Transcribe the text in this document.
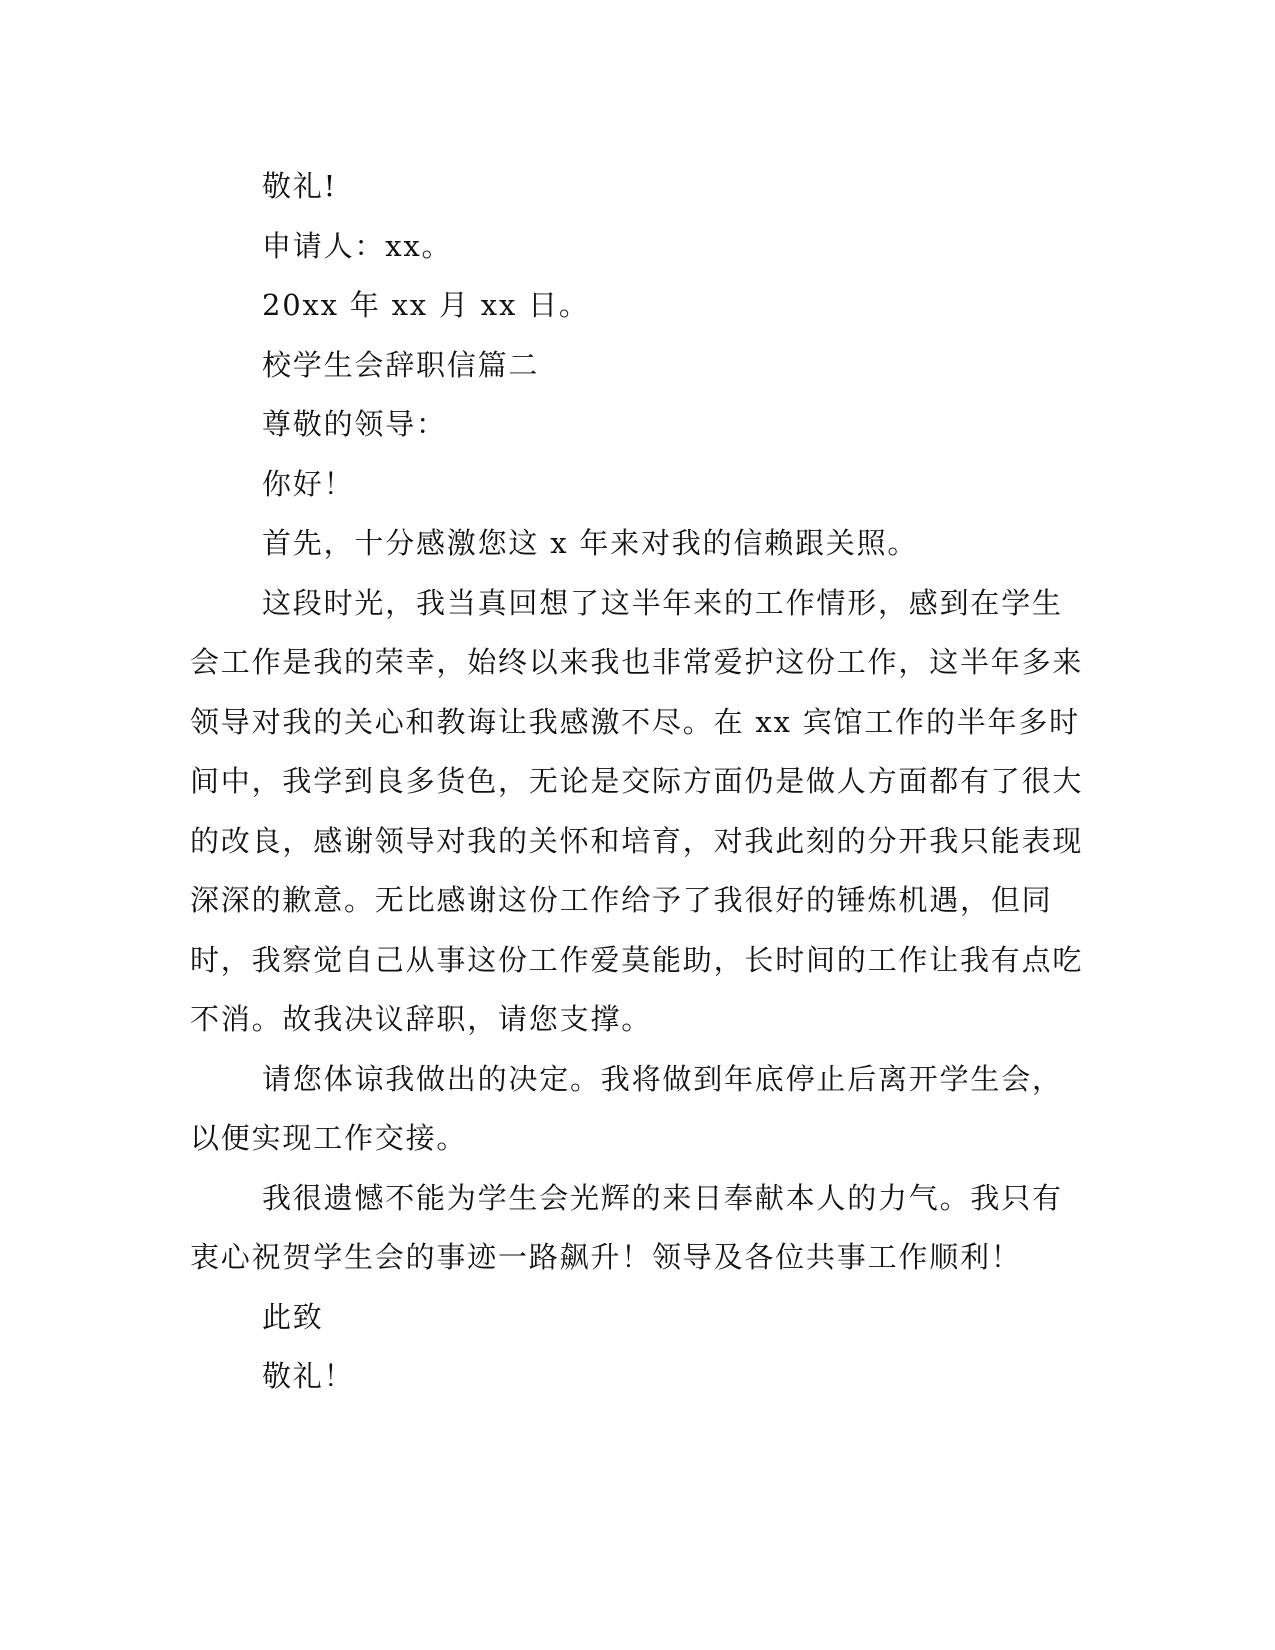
敬礼!

申请人：xx。

20xx 年 xx 月 xx 日。

校学生会辞职信篇二

尊敬的领导：

你好！

首先，十分感激您这 x 年来对我的信赖跟关照。

这段时光，我当真回想了这半年来的工作情形，感到在学生会工作是我的荣幸，始终以来我也非常爱护这份工作，这半年多来领导对我的关心和教诲让我感激不尽。在 xx 宾馆工作的半年多时间中，我学到良多货色，无论是交际方面仍是做人方面都有了很大的改良，感谢领导对我的关怀和培育，对我此刻的分开我只能表现深深的歉意。无比感谢这份工作给予了我很好的锤炼机遇，但同时，我察觉自己从事这份工作爱莫能助，长时间的工作让我有点吃不消。故我决议辞职，请您支撑。

请您体谅我做出的决定。我将做到年底停止后离开学生会，以便实现工作交接。

我很遗憾不能为学生会光辉的来日奉献本人的力气。我只有衷心祝贺学生会的事迹一路飙升！领导及各位共事工作顺利！

此致

敬礼！
